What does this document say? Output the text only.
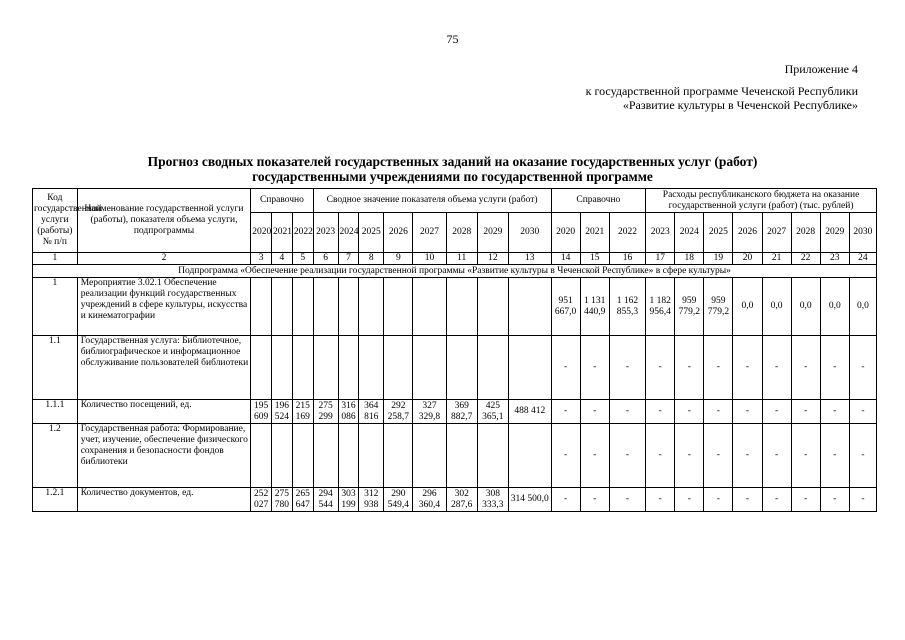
75
Приложение 4
к государственной программе Чеченской Республики
«Развитие культуры в Чеченской Республике»
Прогноз сводных показателей государственных заданий на оказание государственных услуг (работ)
государственными учреждениями по государственной программе
Код государственной услуги (работы) № п/п	Наименование государственной услуги (работы), показателя объема услуги, подпрограммы	Справочно			Сводное значение показателя объема услуги (работ)								Справочно			Расходы республиканского бюджета на оказание государственной услуги (работ) (тыс. рублей)							
		2020	2021	2022	2023	2024	2025	2026	2027	2028	2029	2030	2020	2021	2022	2023	2024	2025	2026	2027	2028	2029	2030
1	2	3	4	5	6	7	8	9	10	11	12	13	14	15	16	17	18	19	20	21	22	23	24
Подпрограмма «Обеспечение реализации государственной программы «Развитие культуры в Чеченской Республике» в сфере культуры»																							
1	Мероприятие 3.02.1 Обеспечение реализации функций государственных учреждений в сфере культуры, искусства и кинематографии												951 667,0	1 131 440,9	1 162 855,3	1 182 956,4	959 779,2	959 779,2	0,0	0,0	0,0	0,0	0,0
1.1	Государственная услуга: Библиотечное, библиографическое и информационное обслуживание пользователей библиотеки												-	-	-	-	-	-	-	-	-	-	-
1.1.1	Количество посещений, ед.	195 609	196 524	215 169	275 299	316 086	364 816	292 258,7	327 329,8	369 882,7	425 365,1	488 412	-	-	-	-	-	-	-	-	-	-	-
1.2	Государственная работа: Формирование, учет, изучение, обеспечение физического сохранения и безопасности фондов библиотеки												-	-	-	-	-	-	-	-	-	-	-
1.2.1	Количество документов, ед.	252 027	275 780	265 647	294 544	303 199	312 938	290 549,4	296 360,4	302 287,6	308 333,3	314 500,0	-	-	-	-	-	-	-	-	-	-	-
